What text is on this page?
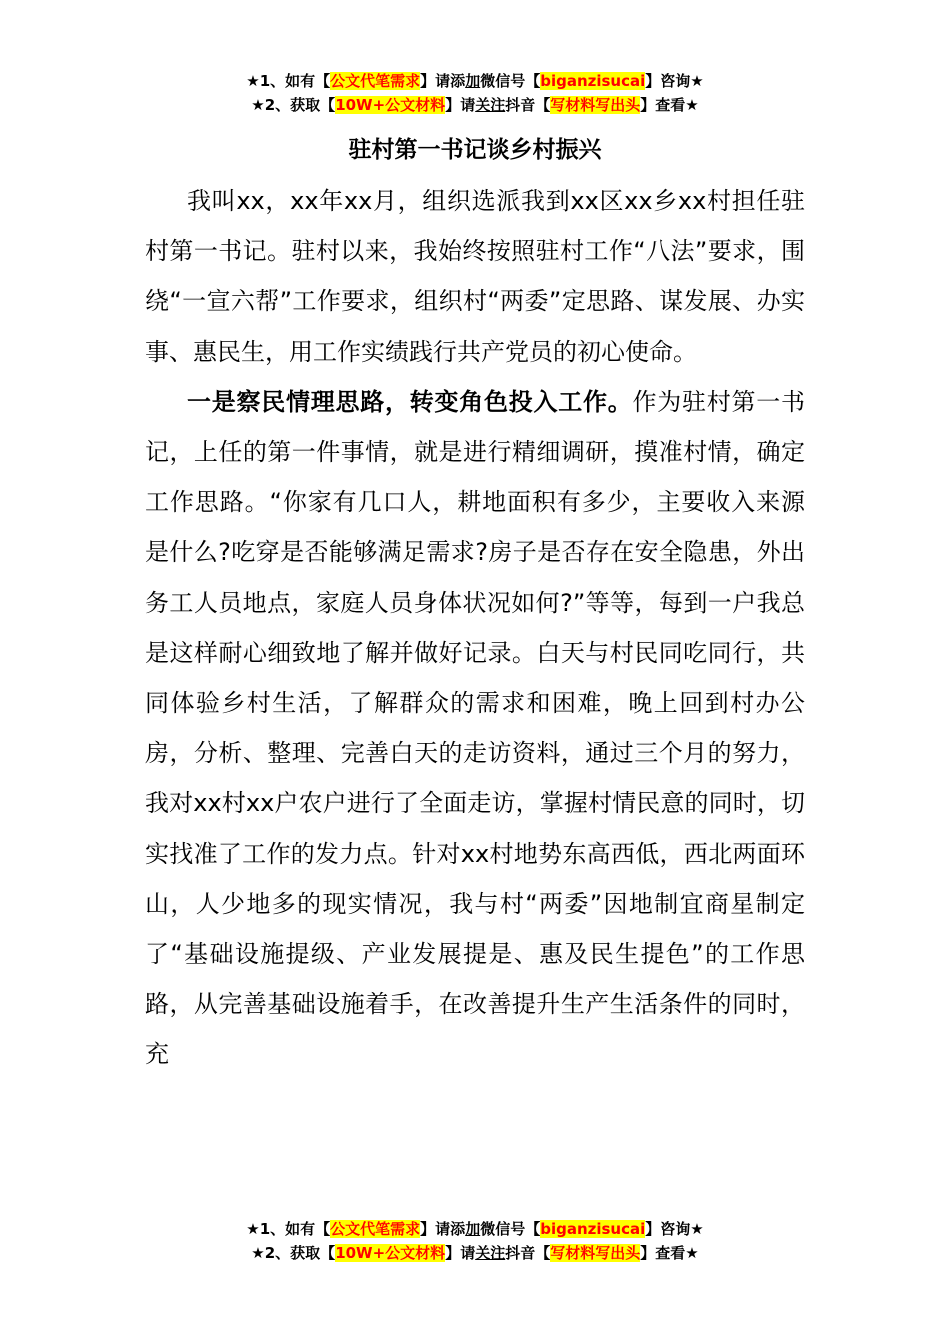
★1、如有【公文代笔需求】请添加微信号【biganzisucai】咨询★
★2、获取【10W+公文材料】请关注抖音【写材料写出头】查看★
驻村第一书记谈乡村振兴

我叫xx，xx年xx月，组织选派我到xx区xx乡xx村担任驻村第一书记。驻村以来，我始终按照驻村工作“八法”要求，围绕“一宣六帮”工作要求，组织村“两委”定思路、谋发展、办实事、惠民生，用工作实绩践行共产党员的初心使命。

一是察民情理思路，转变角色投入工作。作为驻村第一书记，上任的第一件事情，就是进行精细调研，摸准村情，确定工作思路。“你家有几口人，耕地面积有多少，主要收入来源是什么?吃穿是否能够满足需求?房子是否存在安全隐患，外出务工人员地点，家庭人员身体状况如何?”等等，每到一户我总是这样耐心细致地了解并做好记录。白天与村民同吃同行，共同体验乡村生活，了解群众的需求和困难，晚上回到村办公房，分析、整理、完善白天的走访资料，通过三个月的努力，我对xx村xx户农户进行了全面走访，掌握村情民意的同时，切实找准了工作的发力点。针对xx村地势东高西低，西北两面环山，人少地多的现实情况，我与村“两委”因地制宜商星制定了“基础设施提级、产业发展提是、惠及民生提色”的工作思路，从完善基础设施着手，在改善提升生产生活条件的同时，充

★1、如有【公文代笔需求】请添加微信号【biganzisucai】咨询★
★2、获取【10W+公文材料】请关注抖音【写材料写出头】查看★
